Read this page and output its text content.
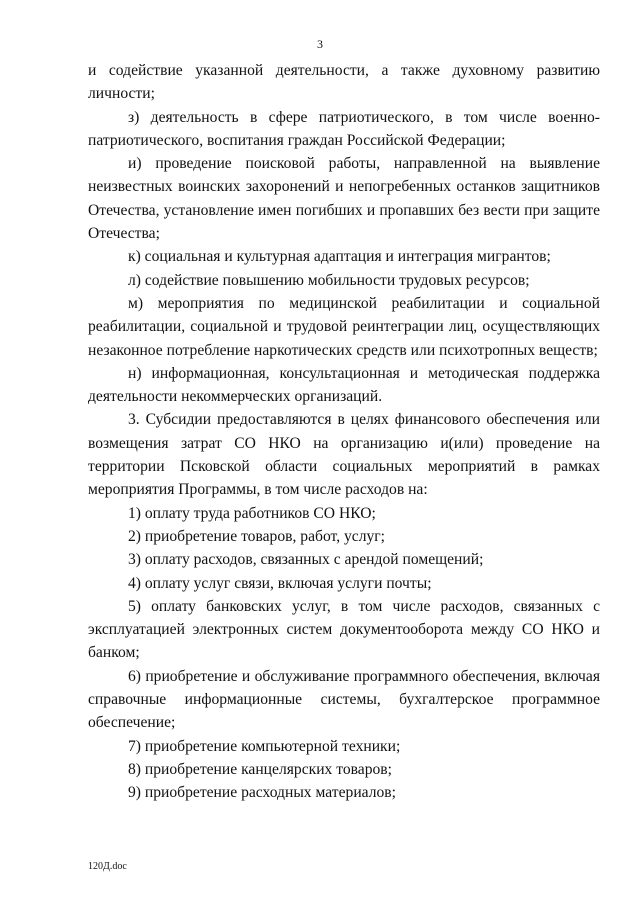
3

и содействие указанной деятельности, а также духовному развитию личности;

з) деятельность в сфере патриотического, в том числе военно-патриотического, воспитания граждан Российской Федерации;

и) проведение поисковой работы, направленной на выявление неизвестных воинских захоронений и непогребенных останков защитников Отечества, установление имен погибших и пропавших без вести при защите Отечества;

к) социальная и культурная адаптация и интеграция мигрантов;

л) содействие повышению мобильности трудовых ресурсов;

м) мероприятия по медицинской реабилитации и социальной реабилитации, социальной и трудовой реинтеграции лиц, осуществляющих незаконное потребление наркотических средств или психотропных веществ;

н) информационная, консультационная и методическая поддержка деятельности некоммерческих организаций.

3. Субсидии предоставляются в целях финансового обеспечения или возмещения затрат СО НКО на организацию и(или) проведение на территории Псковской области социальных мероприятий в рамках мероприятия Программы, в том числе расходов на:

1) оплату труда работников СО НКО;

2) приобретение товаров, работ, услуг;

3) оплату расходов, связанных с арендой помещений;

4) оплату услуг связи, включая услуги почты;

5) оплату банковских услуг, в том числе расходов, связанных с эксплуатацией электронных систем документооборота между СО НКО и банком;

6) приобретение и обслуживание программного обеспечения, включая справочные информационные системы, бухгалтерское программное обеспечение;

7) приобретение компьютерной техники;

8) приобретение канцелярских товаров;

9) приобретение расходных материалов;

120Д.doc
